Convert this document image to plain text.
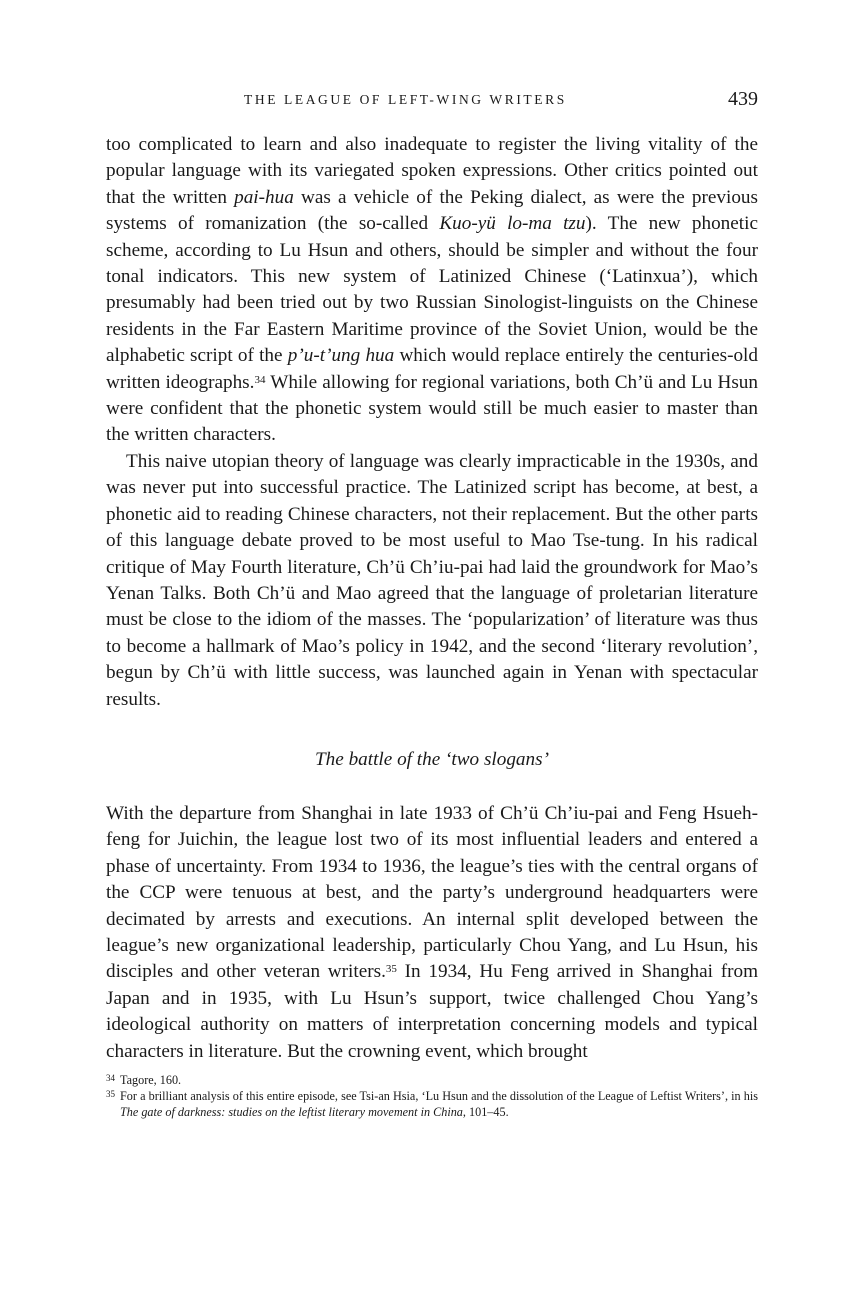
THE LEAGUE OF LEFT-WING WRITERS	439

too complicated to learn and also inadequate to register the living vitality of the popular language with its variegated spoken expressions. Other critics pointed out that the written pai-hua was a vehicle of the Peking dialect, as were the previous systems of romanization (the so-called Kuo-yü lo-ma tzu). The new phonetic scheme, according to Lu Hsun and others, should be simpler and without the four tonal indicators. This new system of Latinized Chinese (‘Latinxua’), which presumably had been tried out by two Russian Sinologist-linguists on the Chinese residents in the Far Eastern Maritime province of the Soviet Union, would be the alphabetic script of the p’u-t’ung hua which would replace entirely the centuries-old written ideographs.$^{34}$ While allowing for regional variations, both Ch’ü and Lu Hsun were confident that the phonetic system would still be much easier to master than the written characters.

This naive utopian theory of language was clearly impracticable in the 1930s, and was never put into successful practice. The Latinized script has become, at best, a phonetic aid to reading Chinese characters, not their replacement. But the other parts of this language debate proved to be most useful to Mao Tse-tung. In his radical critique of May Fourth literature, Ch’ü Ch’iu-pai had laid the groundwork for Mao’s Yenan Talks. Both Ch’ü and Mao agreed that the language of proletarian literature must be close to the idiom of the masses. The ‘popularization’ of literature was thus to become a hallmark of Mao’s policy in 1942, and the second ‘literary revolution’, begun by Ch’ü with little success, was launched again in Yenan with spectacular results.

The battle of the ‘two slogans’

With the departure from Shanghai in late 1933 of Ch’ü Ch’iu-pai and Feng Hsueh-feng for Juichin, the league lost two of its most influential leaders and entered a phase of uncertainty. From 1934 to 1936, the league’s ties with the central organs of the CCP were tenuous at best, and the party’s underground headquarters were decimated by arrests and executions. An internal split developed between the league’s new organizational leadership, particularly Chou Yang, and Lu Hsun, his disciples and other veteran writers.$^{35}$ In 1934, Hu Feng arrived in Shanghai from Japan and in 1935, with Lu Hsun’s support, twice challenged Chou Yang’s ideological authority on matters of interpretation concerning models and typical characters in literature. But the crowning event, which brought

34 Tagore, 160.
35 For a brilliant analysis of this entire episode, see Tsi-an Hsia, ‘Lu Hsun and the dissolution of the League of Leftist Writers’, in his The gate of darkness: studies on the leftist literary movement in China, 101–45.
